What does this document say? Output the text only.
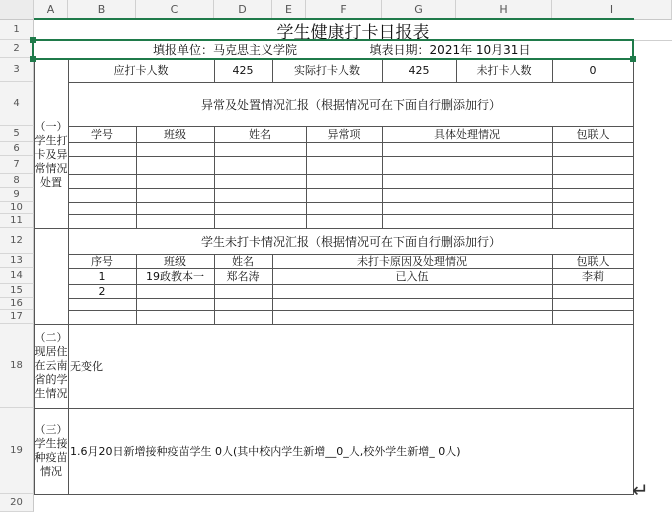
A	B	C	D	E	F	G	H	I
1
2
3
4
5
6
7
8
9
10
11
12
13
14
15
16
17
18
19
20
学生健康打卡日报表
填报单位： 马克思主义学院	填表日期： 2021年 10月31日
应打卡人数	425	实际打卡人数	425	未打卡人数	0
（一）学生打卡及异常情况处置
异常及处置情况汇报（根据情况可在下面自行删添加行）
学号	班级	姓名	异常项	具体处理情况	包联人
学生未打卡情况汇报（根据情况可在下面自行删添加行）
序号	班级	姓名	未打卡原因及处理情况	包联人
1	19政教本一	郑名涛	已入伍	李莉
2
（二）现居住在云南省的学生情况
无变化
（三）学生接种疫苗情况
1.6月20日新增接种疫苗学生 0人(其中校内学生新增__0_人,校外学生新增_ 0人)
↵
